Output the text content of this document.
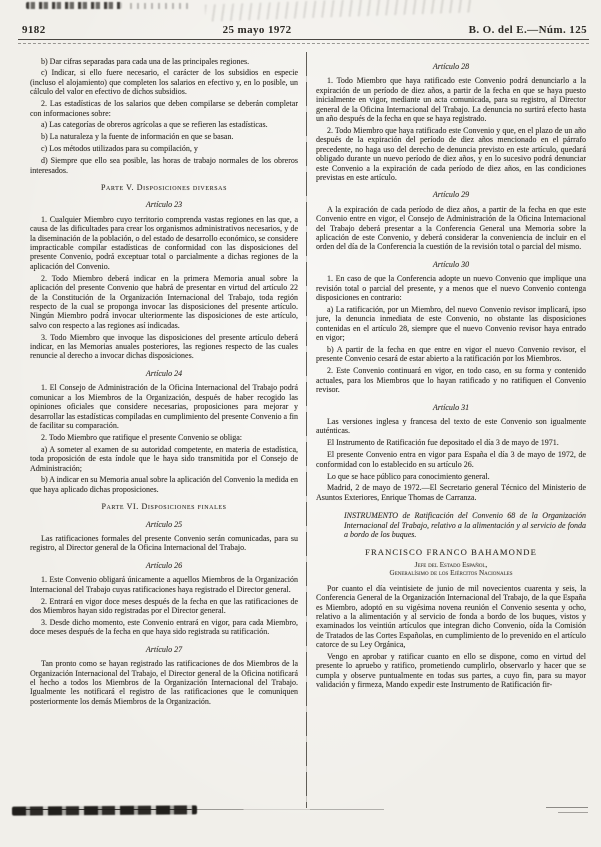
9182	25 mayo 1972	B. O. del E.—Núm. 125
b) Dar cifras separadas para cada una de las principales regiones.
c) Indicar, si ello fuere necesario, el carácter de los subsidios en especie (incluso el alojamiento) que completen los salarios en efectivo y, en lo posible, un cálculo del valor en efectivo de dichos subsidios.
2. Las estadísticas de los salarios que deben compilarse se deberán completar con informaciones sobre:
a) Las categorías de obreros agrícolas a que se refieren las estadísticas.
b) La naturaleza y la fuente de información en que se basan.
c) Los métodos utilizados para su compilación, y
d) Siempre que ello sea posible, las horas de trabajo normales de los obreros interesados.
Parte V. Disposiciones diversas
Artículo 23
1. Cualquier Miembro cuyo territorio comprenda vastas regiones en las que, a causa de las dificultades para crear los organismos administrativos necesarios, y de la diseminación de la población, o del estado de desarrollo económico, se considere impracticable compilar estadísticas de conformidad con las disposiciones del presente Convenio, podrá exceptuar total o parcialmente a dichas regiones de la aplicación del Convenio.
2. Todo Miembro deberá indicar en la primera Memoria anual sobre la aplicación del presente Convenio que habrá de presentar en virtud del artículo 22 de la Constitución de la Organización Internacional del Trabajo, toda región respecto de la cual se proponga invocar las disposiciones del presente artículo. Ningún Miembro podrá invocar ulteriormente las disposiciones de este artículo, salvo con respecto a las regiones así indicadas.
3. Todo Miembro que invoque las disposiciones del presente artículo deberá indicar, en las Memorias anuales posteriores, las regiones respecto de las cuales renuncie al derecho a invocar dichas disposiciones.
Artículo 24
1. El Consejo de Administración de la Oficina Internacional del Trabajo podrá comunicar a los Miembros de la Organización, después de haber recogido las opiniones oficiales que considere necesarias, proposiciones para mejorar y desarrollar las estadísticas compiladas en cumplimiento del presente Convenio a fin de facilitar su comparación.
2. Todo Miembro que ratifique el presente Convenio se obliga:
a) A someter al examen de su autoridad competente, en materia de estadística, toda proposición de esta índole que le haya sido transmitida por el Consejo de Administración;
b) A indicar en su Memoria anual sobre la aplicación del Convenio la medida en que haya aplicado dichas proposiciones.
Parte VI. Disposiciones finales
Artículo 25
Las ratificaciones formales del presente Convenio serán comunicadas, para su registro, al Director general de la Oficina Internacional del Trabajo.
Artículo 26
1. Este Convenio obligará únicamente a aquellos Miembros de la Organización Internacional del Trabajo cuyas ratificaciones haya registrado el Director general.
2. Entrará en vigor doce meses después de la fecha en que las ratificaciones de dos Miembros hayan sido registradas por el Director general.
3. Desde dicho momento, este Convenio entrará en vigor, para cada Miembro, doce meses después de la fecha en que haya sido registrada su ratificación.
Artículo 27
Tan pronto como se hayan registrado las ratificaciones de dos Miembros de la Organización Internacional del Trabajo, el Director general de la Oficina notificará el hecho a todos los Miembros de la Organización Internacional del Trabajo. Igualmente les notificará el registro de las ratificaciones que le comuniquen posteriormente los demás Miembros de la Organización.
Artículo 28
1. Todo Miembro que haya ratificado este Convenio podrá denunciarlo a la expiración de un período de diez años, a partir de la fecha en que se haya puesto inicialmente en vigor, mediante un acta comunicada, para su registro, al Director general de la Oficina Internacional del Trabajo. La denuncia no surtirá efecto hasta un año después de la fecha en que se haya registrado.
2. Todo Miembro que haya ratificado este Convenio y que, en el plazo de un año después de la expiración del período de diez años mencionado en el párrafo precedente, no haga uso del derecho de denuncia previsto en este artículo, quedará obligado durante un nuevo período de diez años, y en lo sucesivo podrá denunciar este Convenio a la expiración de cada período de diez años, en las condiciones previstas en este artículo.
Artículo 29
A la expiración de cada período de diez años, a partir de la fecha en que este Convenio entre en vigor, el Consejo de Administración de la Oficina Internacional del Trabajo deberá presentar a la Conferencia General una Memoria sobre la aplicación de este Convenio, y deberá considerar la conveniencia de incluir en el orden del día de la Conferencia la cuestión de la revisión total o parcial del mismo.
Artículo 30
1. En caso de que la Conferencia adopte un nuevo Convenio que implique una revisión total o parcial del presente, y a menos que el nuevo Convenio contenga disposiciones en contrario:
a) La ratificación, por un Miembro, del nuevo Convenio revisor implicará, ipso jure, la denuncia inmediata de este Convenio, no obstante las disposiciones contenidas en el artículo 28, siempre que el nuevo Convenio revisor haya entrado en vigor;
b) A partir de la fecha en que entre en vigor el nuevo Convenio revisor, el presente Convenio cesará de estar abierto a la ratificación por los Miembros.
2. Este Convenio continuará en vigor, en todo caso, en su forma y contenido actuales, para los Miembros que lo hayan ratificado y no ratifiquen el Convenio revisor.
Artículo 31
Las versiones inglesa y francesa del texto de este Convenio son igualmente auténticas.
El Instrumento de Ratificación fue depositado el día 3 de mayo de 1971.
El presente Convenio entra en vigor para España el día 3 de mayo de 1972, de conformidad con lo establecido en su artículo 26.
Lo que se hace público para conocimiento general.
Madrid, 2 de mayo de 1972.—El Secretario general Técnico del Ministerio de Asuntos Exteriores, Enrique Thomas de Carranza.
INSTRUMENTO de Ratificación del Convenio 68 de la Organización Internacional del Trabajo, relativo a la alimentación y al servicio de fonda a bordo de los buques.
FRANCISCO FRANCO BAHAMONDE
Jefe del Estado Español,
Generalísimo de los Ejércitos Nacionales
Por cuanto el día veintisiete de junio de mil novecientos cuarenta y seis, la Conferencia General de la Organización Internacional del Trabajo, de la que España es Miembro, adoptó en su vigésima novena reunión el Convenio sesenta y ocho, relativo a la alimentación y al servicio de fonda a bordo de los buques, vistos y examinados los veintiún artículos que integran dicho Convenio, oída la Comisión de Tratados de las Cortes Españolas, en cumplimiento de lo prevenido en el artículo catorce de su Ley Orgánica,
Vengo en aprobar y ratificar cuanto en ello se dispone, como en virtud del presente lo apruebo y ratifico, prometiendo cumplirlo, observarlo y hacer que se cumpla y observe puntualmente en todas sus partes, a cuyo fin, para su mayor validación y firmeza, Mando expedir este Instrumento de Ratificación fir-
